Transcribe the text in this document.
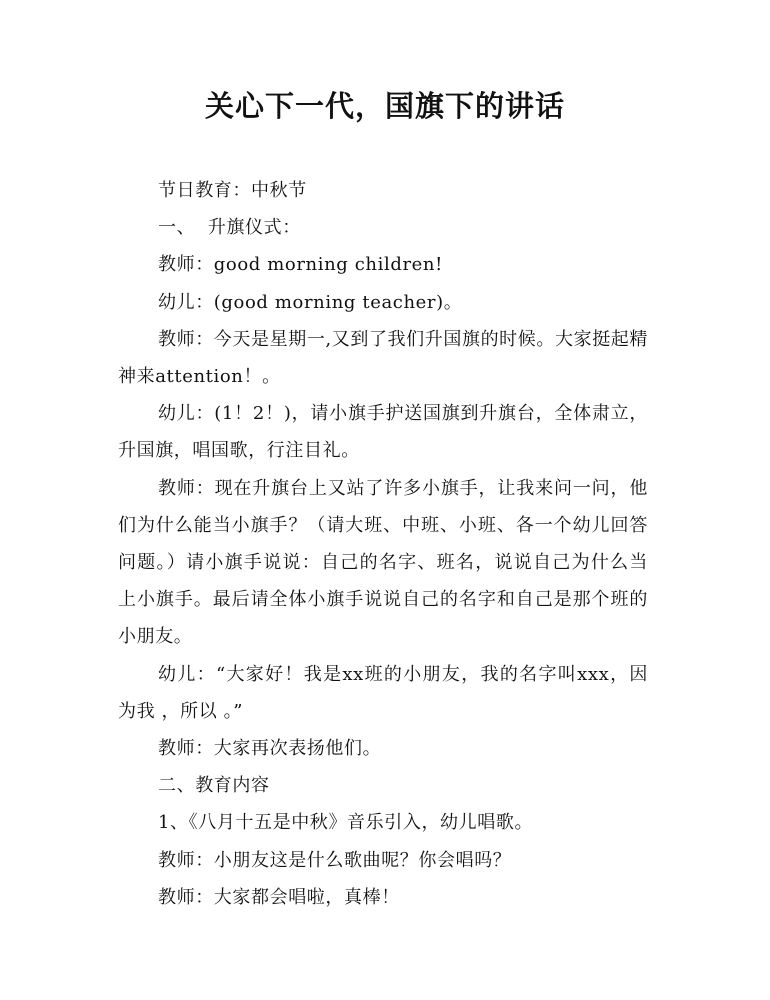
关心下一代，国旗下的讲话

节日教育：中秋节

一、  升旗仪式：

教师：good morning children!

幼儿：(good morning teacher)。

教师：今天是星期一,又到了我们升国旗的时候。大家挺起精神来attention！。

幼儿：(1！2！)，请小旗手护送国旗到升旗台，全体肃立，升国旗，唱国歌，行注目礼。

教师：现在升旗台上又站了许多小旗手，让我来问一问，他们为什么能当小旗手？（请大班、中班、小班、各一个幼儿回答问题。）请小旗手说说：自己的名字、班名，说说自己为什么当上小旗手。最后请全体小旗手说说自己的名字和自己是那个班的小朋友。

幼儿：“大家好！我是xx班的小朋友，我的名字叫xxx，因为我 ，所以 。”

教师：大家再次表扬他们。

二、教育内容

1、《八月十五是中秋》音乐引入，幼儿唱歌。

教师：小朋友这是什么歌曲呢？你会唱吗？

教师：大家都会唱啦，真棒！
